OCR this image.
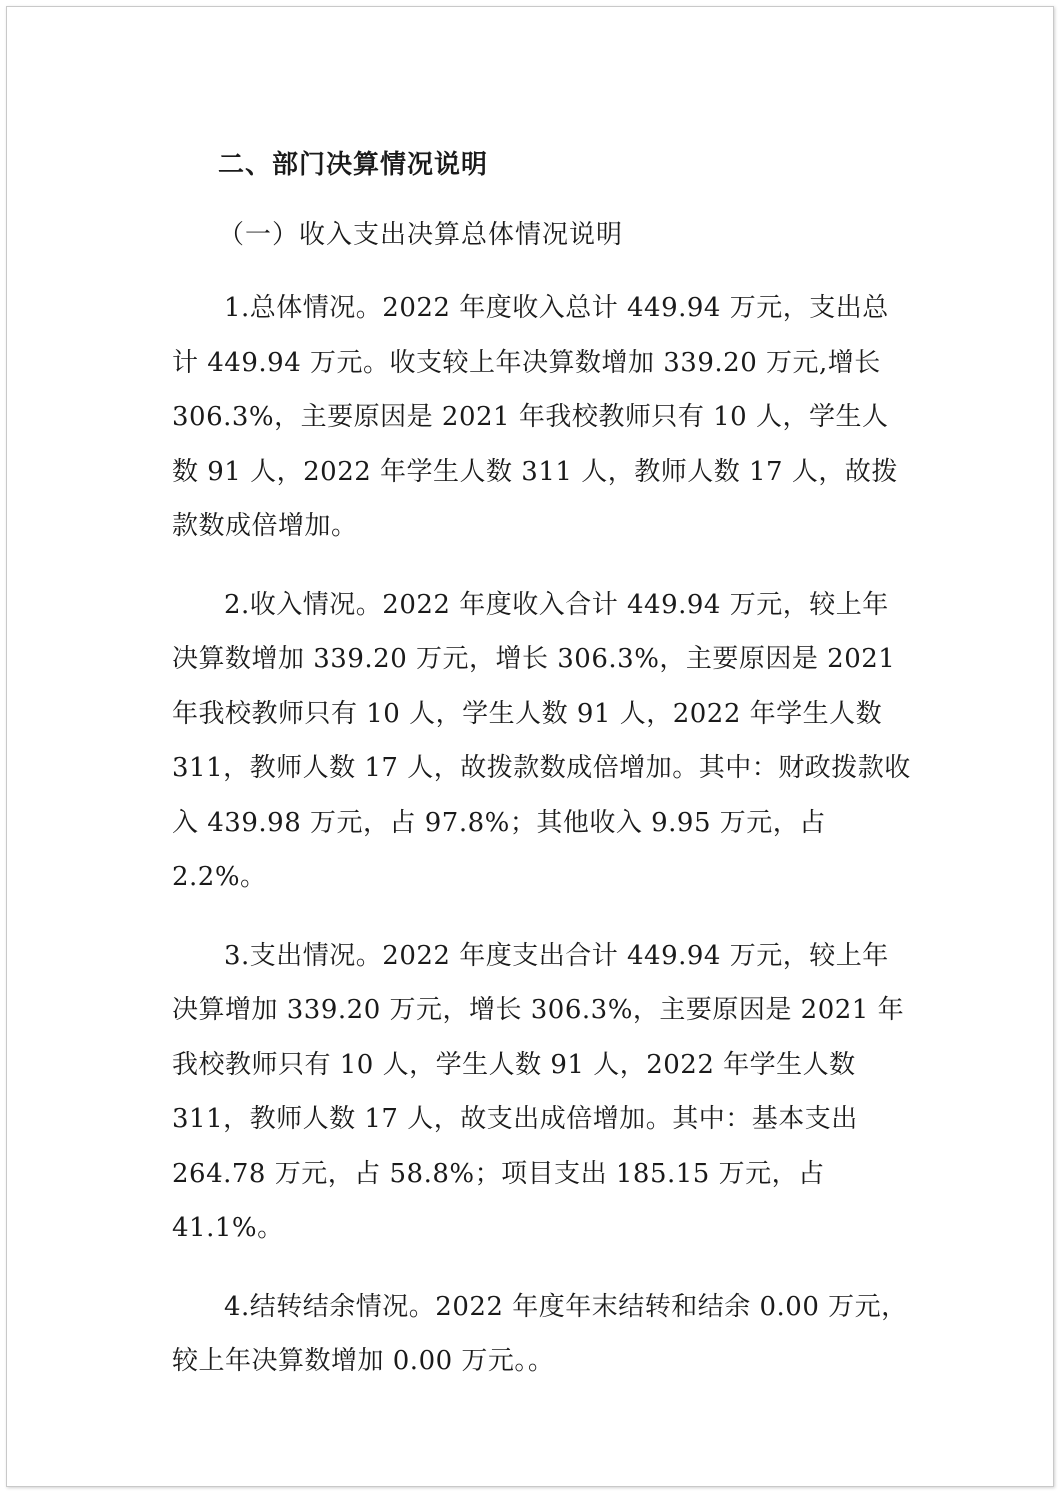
二、部门决算情况说明
（一）收入支出决算总体情况说明

1.总体情况。2022 年度收入总计 449.94 万元，支出总计 449.94 万元。收支较上年决算数增加 339.20 万元,增长 306.3%，主要原因是 2021 年我校教师只有 10 人，学生人数 91 人，2022 年学生人数 311 人，教师人数 17 人，故拨款数成倍增加。

2.收入情况。2022 年度收入合计 449.94 万元，较上年决算数增加 339.20 万元，增长 306.3%，主要原因是 2021 年我校教师只有 10 人，学生人数 91 人，2022 年学生人数 311，教师人数 17 人，故拨款数成倍增加。其中：财政拨款收入 439.98 万元，占 97.8%；其他收入 9.95 万元，占 2.2%。

3.支出情况。2022 年度支出合计 449.94 万元，较上年决算增加 339.20 万元，增长 306.3%，主要原因是 2021 年我校教师只有 10 人，学生人数 91 人，2022 年学生人数 311，教师人数 17 人，故支出成倍增加。其中：基本支出 264.78 万元，占 58.8%；项目支出 185.15 万元，占 41.1%。

4.结转结余情况。2022 年度年末结转和结余 0.00 万元，较上年决算数增加 0.00 万元。。
